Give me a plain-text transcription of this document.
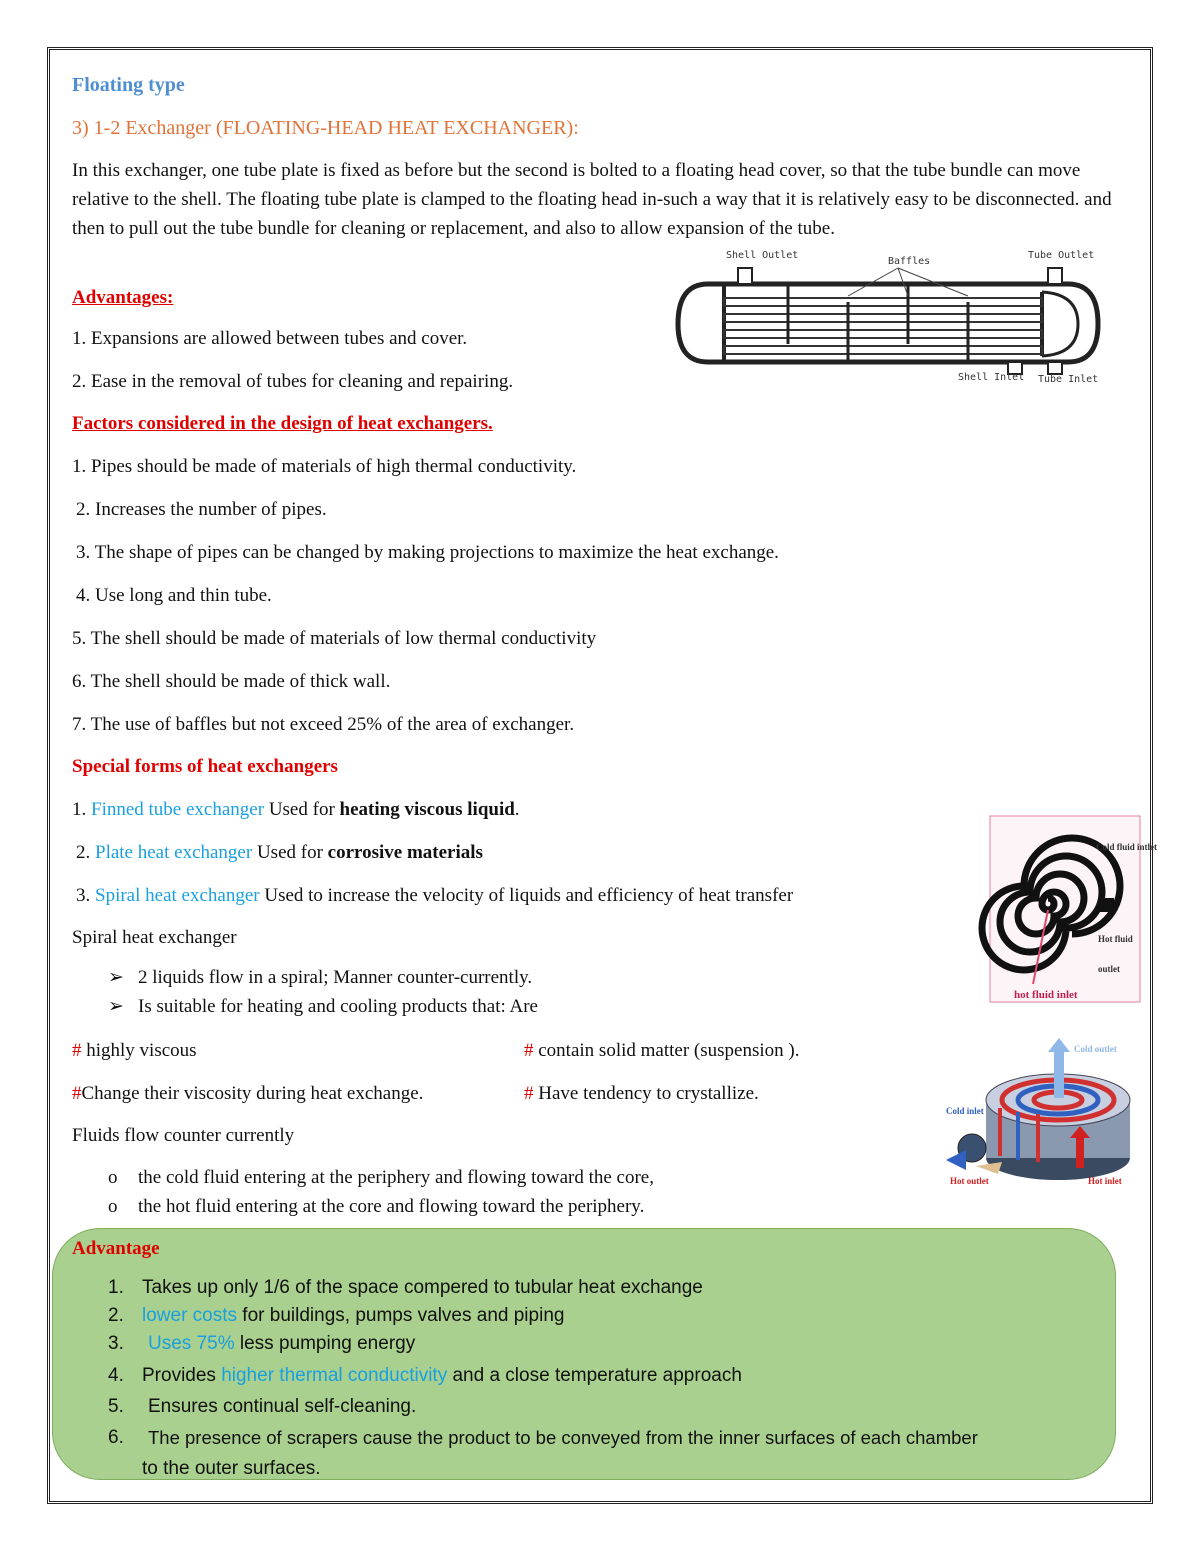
Floating type
3) 1-2 Exchanger (FLOATING-HEAD HEAT EXCHANGER):
In this exchanger, one tube plate is fixed as before but the second is bolted to a floating head cover, so that the tube bundle can move relative to the shell. The floating tube plate is clamped to the floating head in-such a way that it is relatively easy to be disconnected. and then to pull out the tube bundle for cleaning or replacement, and also to allow expansion of the tube.
Advantages:
1. Expansions are allowed between tubes and cover.
2. Ease in the removal of tubes for cleaning and repairing.
Shell Outlet
Baffles
Tube Outlet
Shell Inlet Tube Inlet
Factors considered in the design of heat exchangers.
1. Pipes should be made of materials of high thermal conductivity.
2. Increases the number of pipes.
3. The shape of pipes can be changed by making projections to maximize the heat exchange.
4. Use long and thin tube.
5. The shell should be made of materials of low thermal conductivity
6. The shell should be made of thick wall.
7. The use of baffles but not exceed 25% of the area of exchanger.
Special forms of heat exchangers
1. Finned tube exchanger Used for heating viscous liquid.
2. Plate heat exchanger Used for corrosive materials
3. Spiral heat exchanger Used to increase the velocity of liquids and efficiency of heat transfer
Cold fluid intlet
Hot fluid
outlet
hot fluid inlet
Spiral heat exchanger
➢ 2 liquids flow in a spiral; Manner counter-currently.
➢ Is suitable for heating and cooling products that: Are
# highly viscous	# contain solid matter (suspension ).
#Change their viscosity during heat exchange.	# Have tendency to crystallize.
Cold outlet
Cold inlet
Hot outlet	Hot inlet
Fluids flow counter currently
o the cold fluid entering at the periphery and flowing toward the core,
o the hot fluid entering at the core and flowing toward the periphery.
Advantage
1. Takes up only 1/6 of the space compered to tubular heat exchange
2. lower costs for buildings, pumps valves and piping
3. Uses 75% less pumping energy
4. Provides higher thermal conductivity and a close temperature approach
5. Ensures continual self-cleaning.
6. The presence of scrapers cause the product to be conveyed from the inner surfaces of each chamber
to the outer surfaces.
